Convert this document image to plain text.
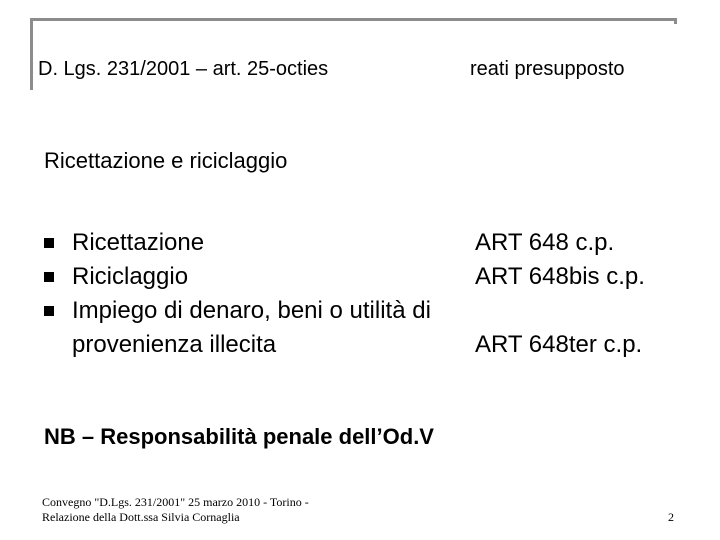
D. Lgs. 231/2001 – art. 25-octies	reati presupposto
Ricettazione e riciclaggio
Ricettazione	ART 648 c.p.
Riciclaggio	ART 648bis c.p.
Impiego di denaro, beni o utilità di
provenienza illecita	ART 648ter c.p.
NB – Responsabilità penale dell’Od.V
Convegno "D.Lgs. 231/2001" 25 marzo 2010 - Torino -
Relazione della Dott.ssa Silvia Cornaglia	2
